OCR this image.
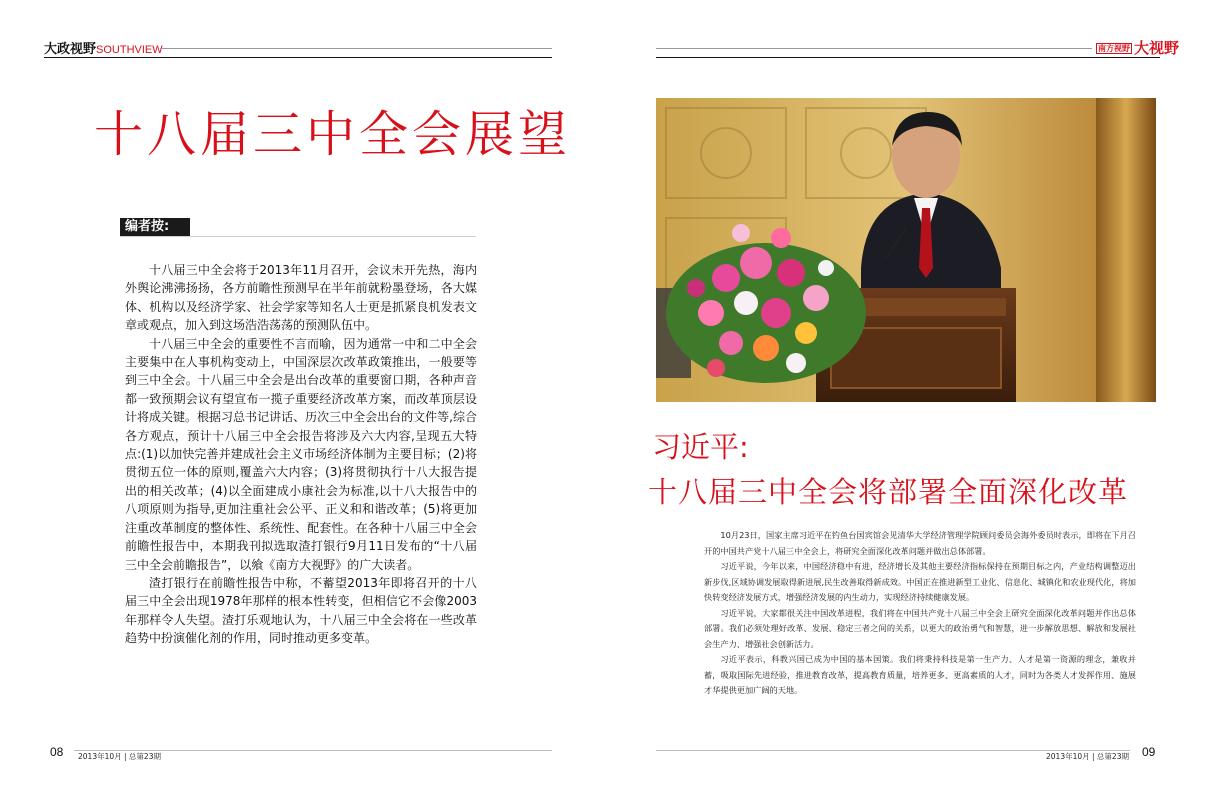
大政视野SOUTHVIEW	南方视野 大视野
十八届三中全会展望
编者按:

十八届三中全会将于2013年11月召开，会议未开先热，海内外舆论沸沸扬扬，各方前瞻性预测早在半年前就粉墨登场，各大媒体、机构以及经济学家、社会学家等知名人士更是抓紧良机发表文章或观点，加入到这场浩浩荡荡的预测队伍中。

十八届三中全会的重要性不言而喻，因为通常一中和二中全会主要集中在人事机构变动上，中国深层次改革政策推出，一般要等到三中全会。十八届三中全会是出台改革的重要窗口期，各种声音都一致预期会议有望宣布一揽子重要经济改革方案，而改革顶层设计将成关键。根据习总书记讲话、历次三中全会出台的文件等,综合各方观点，预计十八届三中全会报告将涉及六大内容,呈现五大特点:(1)以加快完善并建成社会主义市场经济体制为主要目标；(2)将贯彻五位一体的原则,覆盖六大内容；(3)将贯彻执行十八大报告提出的相关改革；(4)以全面建成小康社会为标准,以十八大报告中的八项原则为指导,更加注重社会公平、正义和和谐改革；(5)将更加注重改革制度的整体性、系统性、配套性。在各种十八届三中全会前瞻性报告中，本期我刊拟选取渣打银行9月11日发布的“十八届三中全会前瞻报告”，以飨《南方大视野》的广大读者。

渣打银行在前瞻性报告中称，不蓄望2013年即将召开的十八届三中全会出现1978年那样的根本性转变，但相信它不会像2003年那样令人失望。渣打乐观地认为，十八届三中全会将在一些改革趋势中扮演催化剂的作用，同时推动更多变革。

习近平:
十八届三中全会将部署全面深化改革

10月23日，国家主席习近平在钓鱼台国宾馆会见清华大学经济管理学院顾问委员会海外委员时表示，即将在下月召开的中国共产党十八届三中全会上，将研究全面深化改革问题并做出总体部署。

习近平说，今年以来，中国经济稳中有进，经济增长及其他主要经济指标保持在预期目标之内，产业结构调整迈出新步伐,区域协调发展取得新进展,民生改善取得新成效。中国正在推进新型工业化、信息化、城镇化和农业现代化，将加快转变经济发展方式，增强经济发展的内生动力，实现经济持续健康发展。

习近平说，大家都很关注中国改革进程，我们将在中国共产党十八届三中全会上研究全面深化改革问题并作出总体部署。我们必须处理好改革、发展、稳定三者之间的关系，以更大的政治勇气和智慧，进一步解放思想、解放和发展社会生产力、增强社会创新活力。

习近平表示，科教兴国已成为中国的基本国策。我们将秉持科技是第一生产力、人才是第一资源的理念，兼收并蓄，吸取国际先进经验，推进教育改革，提高教育质量，培养更多、更高素质的人才，同时为各类人才发挥作用、施展才华提供更加广阔的天地。

08 2013年10月 | 总第23期	2013年10月 | 总第23期 09
